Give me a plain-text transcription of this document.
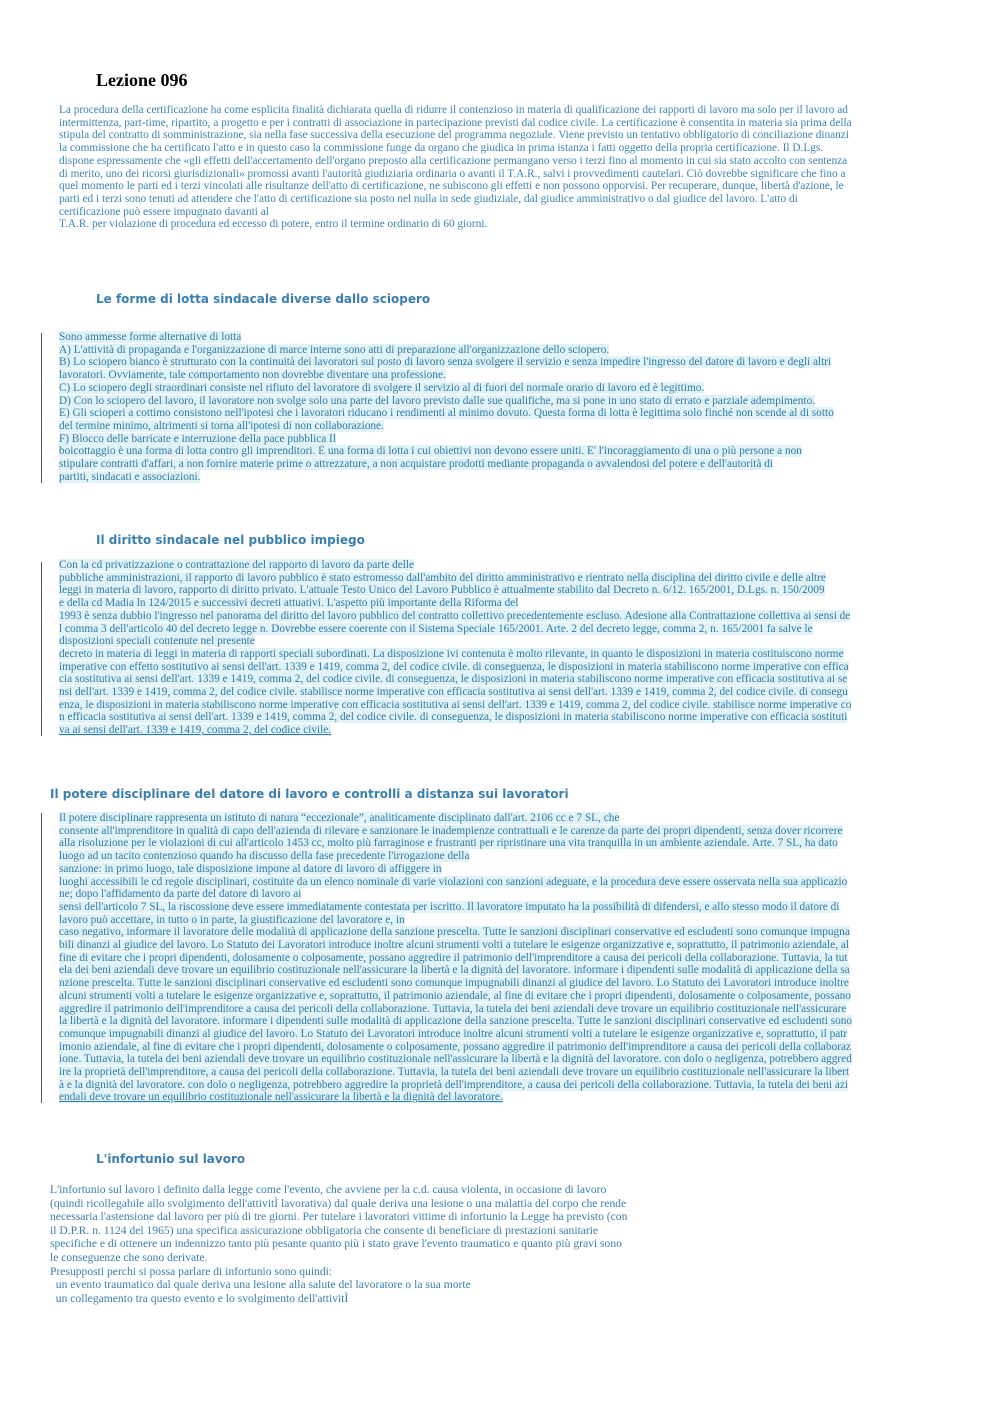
Lezione 096
La procedura della certificazione ha come esplicita finalità dichiarata quella di ridurre il contenzioso in materia di qualificazione dei rapporti di lavoro ma solo per il lavoro ad
intermittenza, part-time, ripartito, a progetto e per i contratti di associazione in partecipazione previsti dal codice civile. La certificazione è consentita in materia sia prima della
stipula del contratto di somministrazione, sia nella fase successiva della esecuzione del programma negoziale. Viene previsto un tentativo obbligatorio di conciliazione dinanzi
la commissione che ha certificato l'atto e in questo caso la commissione funge da organo che giudica in prima istanza i fatti oggetto della propria certificazione. Il D.Lgs.
dispone espressamente che «gli effetti dell'accertamento dell'organo preposto alla certificazione permangano verso i terzi fino al momento in cui sia stato accolto con sentenza
di merito, uno dei ricorsi giurisdizionali» promossi avanti l'autorità giudiziaria ordinaria o avanti il T.A.R., salvi i provvedimenti cautelari. Ciò dovrebbe significare che fino a
quel momento le parti ed i terzi vincolati alle risultanze dell'atto di certificazione, ne subiscono gli effetti e non possono opporvisi. Per recuperare, dunque, libertà d'azione, le
parti ed i terzi sono tenuti ad attendere che l'atto di certificazione sia posto nel nulla in sede giudiziale, dal giudice amministrativo o dal giudice del lavoro. L'atto di
certificazione può essere impugnato davanti al
T.A.R. per violazione di procedura ed eccesso di potere, entro il termine ordinario di 60 giorni.
Le forme di lotta sindacale diverse dallo sciopero
Sono ammesse forme alternative di lotta
A) L'attività di propaganda e l'organizzazione di marce interne sono atti di preparazione all'organizzazione dello sciopero.
B) Lo sciopero bianco è strutturato con la continuità dei lavoratori sul posto di lavoro senza svolgere il servizio e senza impedire l'ingresso del datore di lavoro e degli altri
lavoratori. Ovviamente, tale comportamento non dovrebbe diventare una professione.
C) Lo sciopero degli straordinari consiste nel rifiuto del lavoratore di svolgere il servizio al di fuori del normale orario di lavoro ed è legittimo.
D) Con lo sciopero del lavoro, il lavoratore non svolge solo una parte del lavoro previsto dalle sue qualifiche, ma si pone in uno stato di errato e parziale adempimento.
E) Gli scioperi a cottimo consistono nell'ipotesi che i lavoratori riducano i rendimenti al minimo dovuto. Questa forma di lotta è legittima solo finché non scende al di sotto
del termine minimo, altrimenti si torna all'ipotesi di non collaborazione.
F) Blocco delle barricate e interruzione della pace pubblica Il
boicottaggio è una forma di lotta contro gli imprenditori. È una forma di lotta i cui obiettivi non devono essere uniti. E' l'incoraggiamento di una o più persone a non
stipulare contratti d'affari, a non fornire materie prime o attrezzature, a non acquistare prodotti mediante propaganda o avvalendosi del potere e dell'autorità di
partiti, sindacati e associazioni.
Il diritto sindacale nel pubblico impiego
Con la cd privatizzazione o contrattazione del rapporto di lavoro da parte delle
pubbliche amministrazioni, il rapporto di lavoro pubblico è stato estromesso dall'ambito del diritto amministrativo e rientrato nella disciplina del diritto civile e delle altre
leggi in materia di lavoro, rapporto di diritto privato. L'attuale Testo Unico del Lavoro Pubblico è attualmente stabilito dal Decreto n. 6/12. 165/2001, D.Lgs. n. 150/2009
e della cd Madia ln 124/2015 e successivi decreti attuativi. L'aspetto più importante della Riforma del
1993 è senza dubbio l'ingresso nel panorama del diritto del lavoro pubblico del contratto collettivo precedentemente escluso. Adesione alla Contrattazione collettiva ai sensi de
l comma 3 dell'articolo 40 del decreto legge n. Dovrebbe essere coerente con il Sistema Speciale 165/2001. Arte. 2 del decreto legge, comma 2, n. 165/2001 fa salve le
disposizioni speciali contenute nel presente
decreto in materia di leggi in materia di rapporti speciali subordinati. La disposizione ivi contenuta è molto rilevante, in quanto le disposizioni in materia costituiscono norme
imperative con effetto sostitutivo ai sensi dell'art. 1339 e 1419, comma 2, del codice civile. di conseguenza, le disposizioni in materia stabiliscono norme imperative con effica
cia sostitutiva ai sensi dell'art. 1339 e 1419, comma 2, del codice civile. di conseguenza, le disposizioni in materia stabiliscono norme imperative con efficacia sostitutiva ai se
nsi dell'art. 1339 e 1419, comma 2, del codice civile. stabilisce norme imperative con efficacia sostitutiva ai sensi dell'art. 1339 e 1419, comma 2, del codice civile. di consegu
enza, le disposizioni in materia stabiliscono norme imperative con efficacia sostitutiva ai sensi dell'art. 1339 e 1419, comma 2, del codice civile. stabilisce norme imperative co
n efficacia sostitutiva ai sensi dell'art. 1339 e 1419, comma 2, del codice civile. di conseguenza, le disposizioni in materia stabiliscono norme imperative con efficacia sostituti
va ai sensi dell'art. 1339 e 1419, comma 2, del codice civile.
Il potere disciplinare del datore di lavoro e controlli a distanza sui lavoratori
Il potere disciplinare rappresenta un istituto di natura “eccezionale”, analiticamente disciplinato dall'art. 2106 cc e 7 SL, che
consente all'imprenditore in qualità di capo dell'azienda di rilevare e sanzionare le inadempienze contrattuali e le carenze da parte dei propri dipendenti, senza dover ricorrere
alla risoluzione per le violazioni di cui all'articolo 1453 cc, molto più farraginose e frustranti per ripristinare una vita tranquilla in un ambiente aziendale. Arte. 7 SL, ha dato
luogo ad un tacito contenzioso quando ha discusso della fase precedente l'irrogazione della
sanzione: in primo luogo, tale disposizione impone al datore di lavoro di affiggere in
luoghi accessibili le cd regole disciplinari, costituite da un elenco nominale di varie violazioni con sanzioni adeguate, e la procedura deve essere osservata nella sua applicazio
ne; dopo l'affidamento da parte del datore di lavoro ai
sensi dell'articolo 7 SL, la riscossione deve essere immediatamente contestata per iscritto. Il lavoratore imputato ha la possibilità di difendersi, e allo stesso modo il datore di
lavoro può accettare, in tutto o in parte, la giustificazione del lavoratore e, in
caso negativo, informare il lavoratore delle modalità di applicazione della sanzione prescelta. Tutte le sanzioni disciplinari conservative ed escludenti sono comunque impugna
bili dinanzi al giudice del lavoro. Lo Statuto dei Lavoratori introduce inoltre alcuni strumenti volti a tutelare le esigenze organizzative e, soprattutto, il patrimonio aziendale, al
fine di evitare che i propri dipendenti, dolosamente o colposamente, possano aggredire il patrimonio dell'imprenditore a causa dei pericoli della collaborazione. Tuttavia, la tut
ela dei beni aziendali deve trovare un equilibrio costituzionale nell'assicurare la libertà e la dignità del lavoratore. informare i dipendenti sulle modalità di applicazione della sa
nzione prescelta. Tutte le sanzioni disciplinari conservative ed escludenti sono comunque impugnabili dinanzi al giudice del lavoro. Lo Statuto dei Lavoratori introduce inoltre
alcuni strumenti volti a tutelare le esigenze organizzative e, soprattutto, il patrimonio aziendale, al fine di evitare che i propri dipendenti, dolosamente o colposamente, possano
aggredire il patrimonio dell'imprenditore a causa dei pericoli della collaborazione. Tuttavia, la tutela dei beni aziendali deve trovare un equilibrio costituzionale nell'assicurare
la libertà e la dignità del lavoratore. informare i dipendenti sulle modalità di applicazione della sanzione prescelta. Tutte le sanzioni disciplinari conservative ed escludenti sono
comunque impugnabili dinanzi al giudice del lavoro. Lo Statuto dei Lavoratori introduce inoltre alcuni strumenti volti a tutelare le esigenze organizzative e, soprattutto, il patr
imonio aziendale, al fine di evitare che i propri dipendenti, dolosamente o colposamente, possano aggredire il patrimonio dell'imprenditore a causa dei pericoli della collaboraz
ione. Tuttavia, la tutela dei beni aziendali deve trovare un equilibrio costituzionale nell'assicurare la libertà e la dignità del lavoratore. con dolo o negligenza, potrebbero aggred
ire la proprietà dell'imprenditore, a causa dei pericoli della collaborazione. Tuttavia, la tutela dei beni aziendali deve trovare un equilibrio costituzionale nell'assicurare la libert
à e la dignità del lavoratore. con dolo o negligenza, potrebbero aggredire la proprietà dell'imprenditore, a causa dei pericoli della collaborazione. Tuttavia, la tutela dei beni azi
endali deve trovare un equilibrio costituzionale nell'assicurare la libertà e la dignità del lavoratore.
L'infortunio sul lavoro
L'infortunio sul lavoro i definito dalla legge come l'evento, che avviene per la c.d. causa violenta, in occasione di lavoro
(quindi ricollegabile allo svolgimento dell'attivitÌ lavorativa) dal quale deriva una lesione o una malattia del corpo che rende
necessaria l'astensione dal lavoro per più di tre giorni. Per tutelare i lavoratori vittime di infortunio la Legge ha previsto (con
il D.P.R. n. 1124 del 1965) una specifica assicurazione obbligatoria che consente di beneficiare di prestazioni sanitarie
specifiche e di ottenere un indennizzo tanto più pesante quanto più i stato grave l'evento traumatico e quanto più gravi sono
le conseguenze che sono derivate.
Presupposti perchi si possa parlare di infortunio sono quindi:
un evento traumatico dal quale deriva una lesione alla salute del lavoratore o la sua morte
un collegamento tra questo evento e lo svolgimento dell'attivitÌ
